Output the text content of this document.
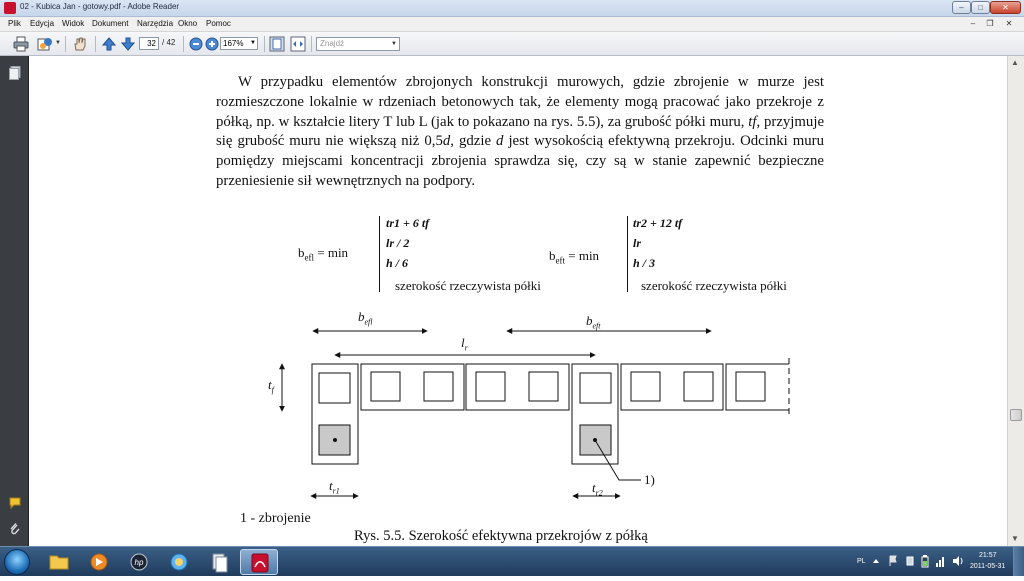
02 - Kubica Jan - gotowy.pdf - Adobe Reader	–	□	✕
Plik Edycja Widok Dokument Narzędzia Okno Pomoc	–	❐	✕
▼	32 / 42	167% ▼	Znajdź	▼

W przypadku elementów zbrojonych konstrukcji murowych, gdzie zbrojenie w murze jest rozmieszczone lokalnie w rdzeniach betonowych tak, że elementy mogą pracować jako przekroje z półką, np. w kształcie litery T lub L (jak to pokazano na rys. 5.5), za grubość półki muru, tf, przyjmuje się grubość muru nie większą niż 0,5d, gdzie d jest wysokością efektywną przekroju. Odcinki muru pomiędzy miejscami koncentracji zbrojenia sprawdza się, czy są w stanie zapewnić bezpieczne przeniesienie sił wewnętrznych na podpory.

$b_{efl} = \min$
tr1 + 6 tf
lr / 2
h / 6
szerokość rzeczywista półki
$b_{eft} = \min$
tr2 + 12 tf
lr
h / 3
szerokość rzeczywista półki
$b_{efl}$	$b_{eft}$
$l_r$
$t_f$
$t_{r1}$	$t_{r2}$
1)
1 - zbrojenie
Rys. 5.5. Szerokość efektywna przekrojów z półką
▲
▼
hp	PL
21:57
2011-05-31
